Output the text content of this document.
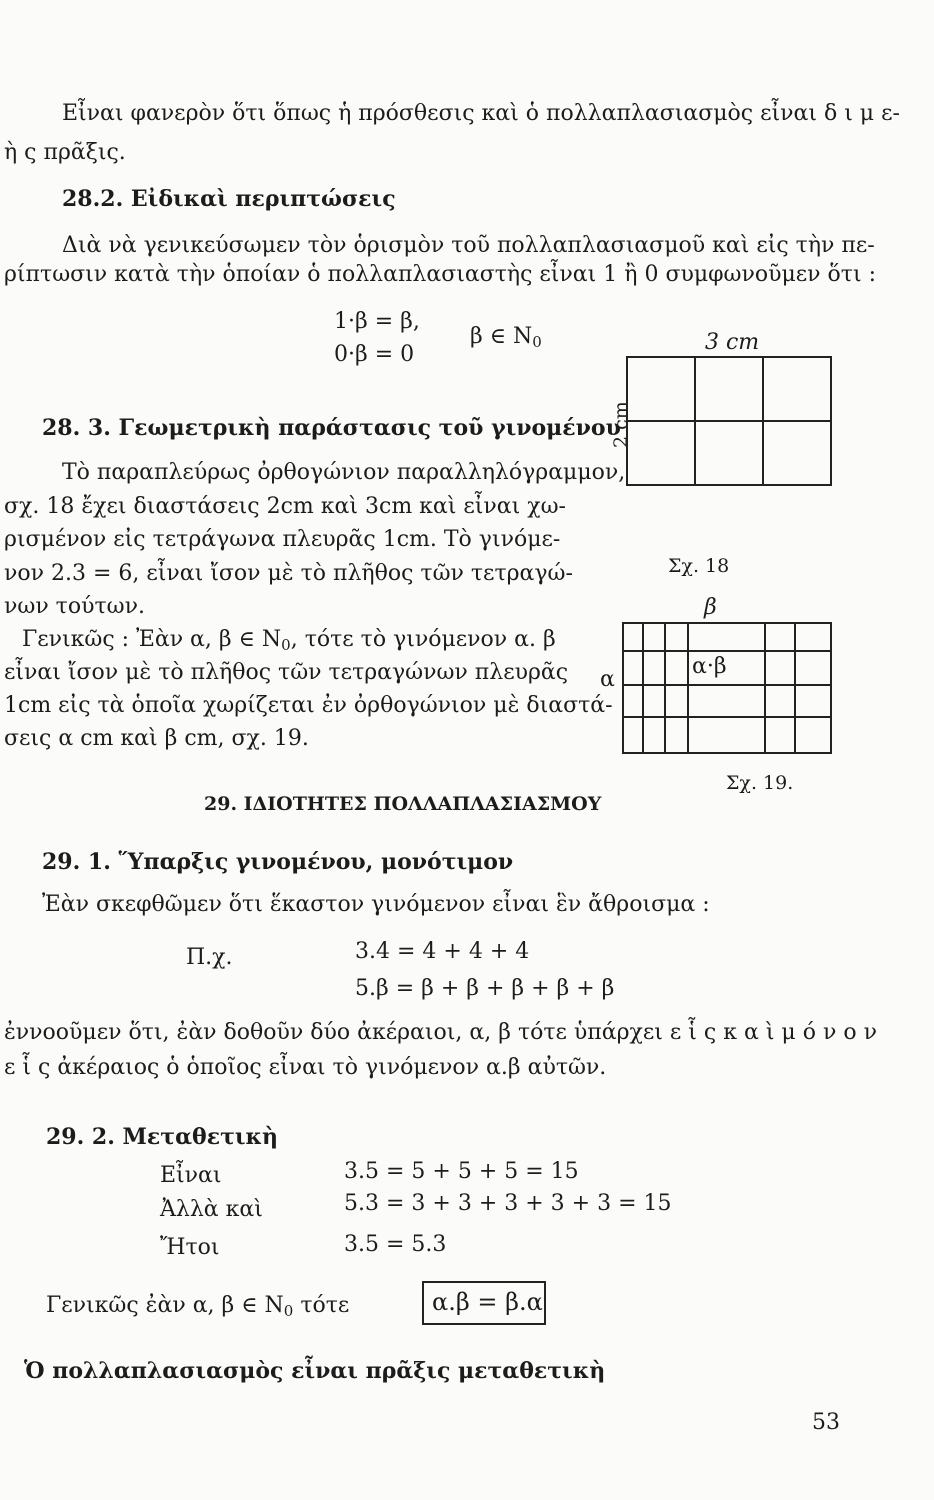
Εἶναι φανερὸν ὅτι ὅπως ἡ πρόσθεσις καὶ ὁ πολλαπλασιασμὸς εἶναι δ ι μ ε-
ὴ ς πρᾶξις.
28.2. Εἰδικαὶ περιπτώσεις
Διὰ νὰ γενικεύσωμεν τὸν ὁρισμὸν τοῦ πολλαπλασιασμοῦ καὶ εἰς τὴν πε-
ρίπτωσιν κατὰ τὴν ὁποίαν ὁ πολλαπλασιαστὴς εἶναι 1 ἢ 0 συμφωνοῦμεν ὅτι :
1·β = β,
0·β = 0
β ∈ $N_0$
28. 3. Γεωμετρικὴ παράστασις τοῦ γινομένου
Τὸ παραπλεύρως ὀρθογώνιον παραλληλόγραμμον,
σχ. 18 ἔχει διαστάσεις 2cm καὶ 3cm καὶ εἶναι χω-
ρισμένον εἰς τετράγωνα πλευρᾶς 1cm. Τὸ γινόμε-
νον 2.3 = 6, εἶναι ἴσον μὲ τὸ πλῆθος τῶν τετραγώ-
νων τούτων.
Γενικῶς : Ἐὰν α, β ∈ $N_0$, τότε τὸ γινόμενον α. β
εἶναι ἴσον μὲ τὸ πλῆθος τῶν τετραγώνων πλευρᾶς
1cm εἰς τὰ ὁποῖα χωρίζεται ἐν ὀρθογώνιον μὲ διαστά-
σεις α cm καὶ β cm, σχ. 19.
3 cm
2 cm
Σχ. 18
β
α
α·β
Σχ. 19.
29. ΙΔΙΟΤΗΤΕΣ ΠΟΛΛΑΠΛΑΣΙΑΣΜΟΥ
29. 1. Ὕπαρξις γινομένου, μονότιμον
Ἐὰν σκεφθῶμεν ὅτι ἕκαστον γινόμενον εἶναι ἓν ἄθροισμα :
Π.χ.	3.4 = 4 + 4 + 4
5.β = β + β + β + β + β
ἐννοοῦμεν ὅτι, ἐὰν δοθοῦν δύο ἀκέραιοι, α, β τότε ὑπάρχει ε ἷ ς κ α ὶ μ ό ν ο ν
ε ἷ ς ἀκέραιος ὁ ὁποῖος εἶναι τὸ γινόμενον α.β αὐτῶν.
29. 2. Μεταθετικὴ
Εἶναι	3.5 = 5 + 5 + 5 = 15
Ἀλλὰ καὶ	5.3 = 3 + 3 + 3 + 3 + 3 = 15
Ἤτοι	3.5 = 5.3
Γενικῶς ἐὰν α, β ∈ $N_0$ τότε	α.β = β.α
Ὁ πολλαπλασιασμὸς εἶναι πρᾶξις μεταθετικὴ
53
